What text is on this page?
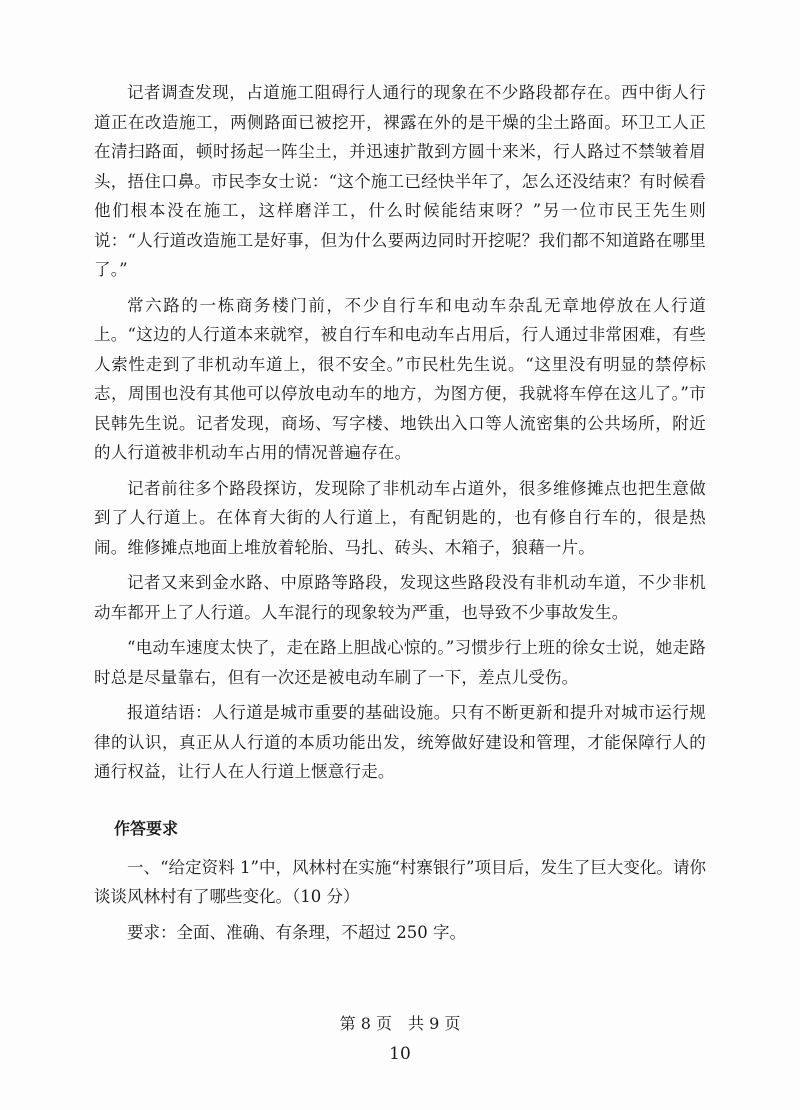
记者调查发现，占道施工阻碍行人通行的现象在不少路段都存在。西中街人行道正在改造施工，两侧路面已被挖开，裸露在外的是干燥的尘土路面。环卫工人正在清扫路面，顿时扬起一阵尘土，并迅速扩散到方圆十来米，行人路过不禁皱着眉头，捂住口鼻。市民李女士说：“这个施工已经快半年了，怎么还没结束？有时候看他们根本没在施工，这样磨洋工，什么时候能结束呀？”另一位市民王先生则说：“人行道改造施工是好事，但为什么要两边同时开挖呢？我们都不知道路在哪里了。”

常六路的一栋商务楼门前，不少自行车和电动车杂乱无章地停放在人行道上。“这边的人行道本来就窄，被自行车和电动车占用后，行人通过非常困难，有些人索性走到了非机动车道上，很不安全。”市民杜先生说。“这里没有明显的禁停标志，周围也没有其他可以停放电动车的地方，为图方便，我就将车停在这儿了。”市民韩先生说。记者发现，商场、写字楼、地铁出入口等人流密集的公共场所，附近的人行道被非机动车占用的情况普遍存在。

记者前往多个路段探访，发现除了非机动车占道外，很多维修摊点也把生意做到了人行道上。在体育大街的人行道上，有配钥匙的，也有修自行车的，很是热闹。维修摊点地面上堆放着轮胎、马扎、砖头、木箱子，狼藉一片。

记者又来到金水路、中原路等路段，发现这些路段没有非机动车道，不少非机动车都开上了人行道。人车混行的现象较为严重，也导致不少事故发生。

“电动车速度太快了，走在路上胆战心惊的。”习惯步行上班的徐女士说，她走路时总是尽量靠右，但有一次还是被电动车刷了一下，差点儿受伤。

报道结语：人行道是城市重要的基础设施。只有不断更新和提升对城市运行规律的认识，真正从人行道的本质功能出发，统筹做好建设和管理，才能保障行人的通行权益，让行人在人行道上惬意行走。

作答要求

一、“给定资料 1”中，风林村在实施“村寨银行”项目后，发生了巨大变化。请你谈谈风林村有了哪些变化。（10 分）

要求：全面、准确、有条理，不超过 250 字。

第 8 页　共 9 页
10
